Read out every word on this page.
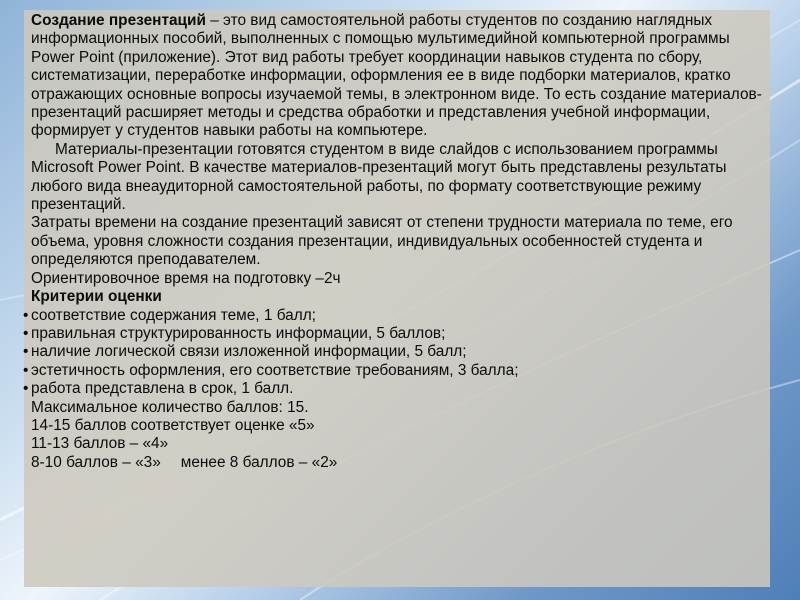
Создание презентаций – это вид самостоятельной работы студентов по созданию наглядных информационных пособий, выполненных с помощью мультимедийной компьютерной программы Power Point (приложение). Этот вид работы требует координации навыков студента по сбору, систематизации, переработке информации, оформления ее в виде подборки материалов, кратко отражающих основные вопросы изучаемой темы, в электронном виде. То есть создание материалов-презентаций расширяет методы и средства обработки и представления учебной информации, формирует у студентов навыки работы на компьютере.

Материалы-презентации готовятся студентом в виде слайдов с использованием программы Microsoft Power Point. В качестве материалов-презентаций могут быть представлены результаты любого вида внеаудиторной самостоятельной работы, по формату соответствующие режиму презентаций.

Затраты времени на создание презентаций зависят от степени трудности материала по теме, его объема, уровня сложности создания презентации, индивидуальных особенностей студента и определяются преподавателем.

Ориентировочное время на подготовку –2ч

Критерии оценки

• соответствие содержания теме, 1 балл;
• правильная структурированность информации, 5 баллов;
• наличие логической связи изложенной информации, 5 балл;
• эстетичность оформления, его соответствие требованиям, 3 балла;
• работа представлена в срок, 1 балл.

Максимальное количество баллов: 15.

14-15 баллов соответствует оценке «5»

11-13 баллов – «4»

8-10 баллов – «3» менее 8 баллов – «2»
